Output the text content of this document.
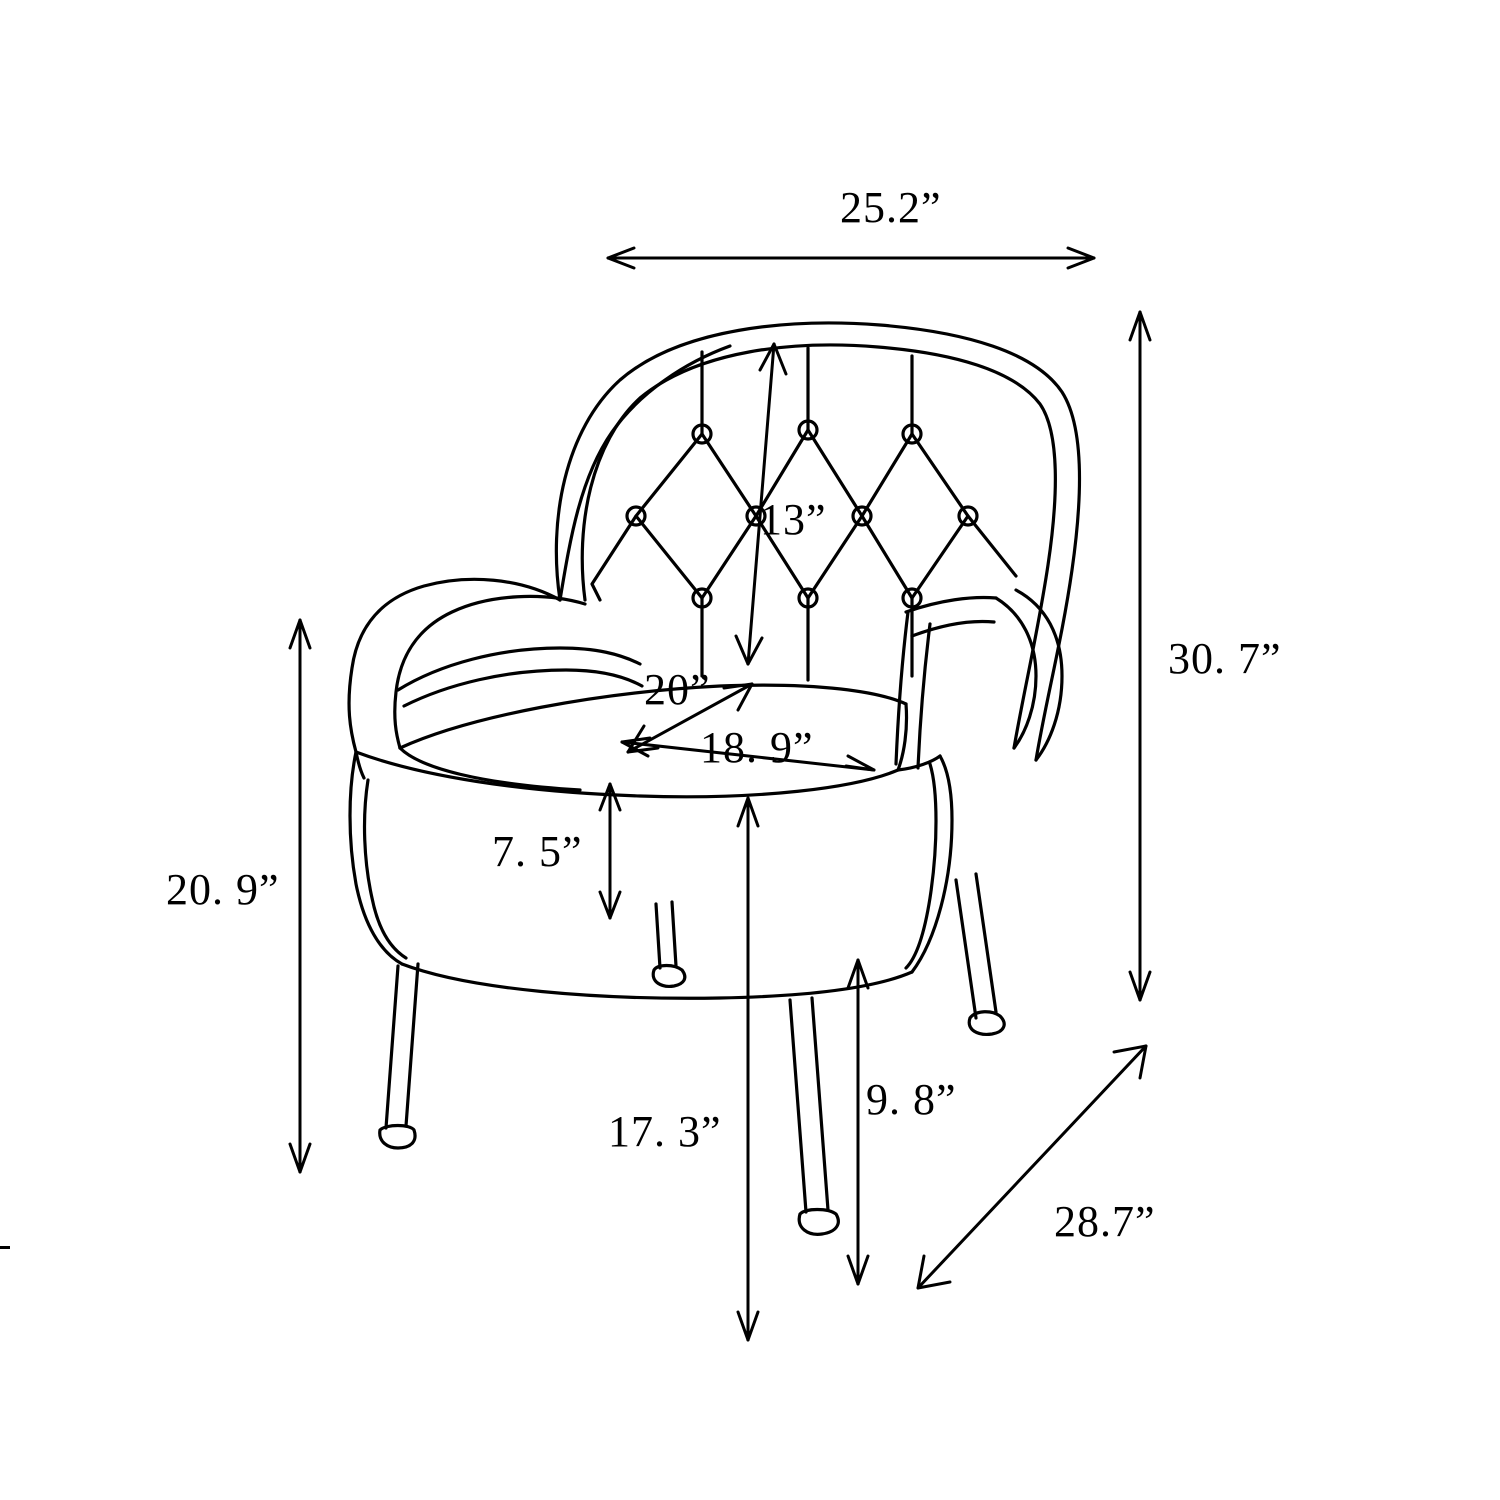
25.2”
30. 7”
28.7”
20. 9”
13”
20”
18. 9”
7. 5”
17. 3”
9. 8”
